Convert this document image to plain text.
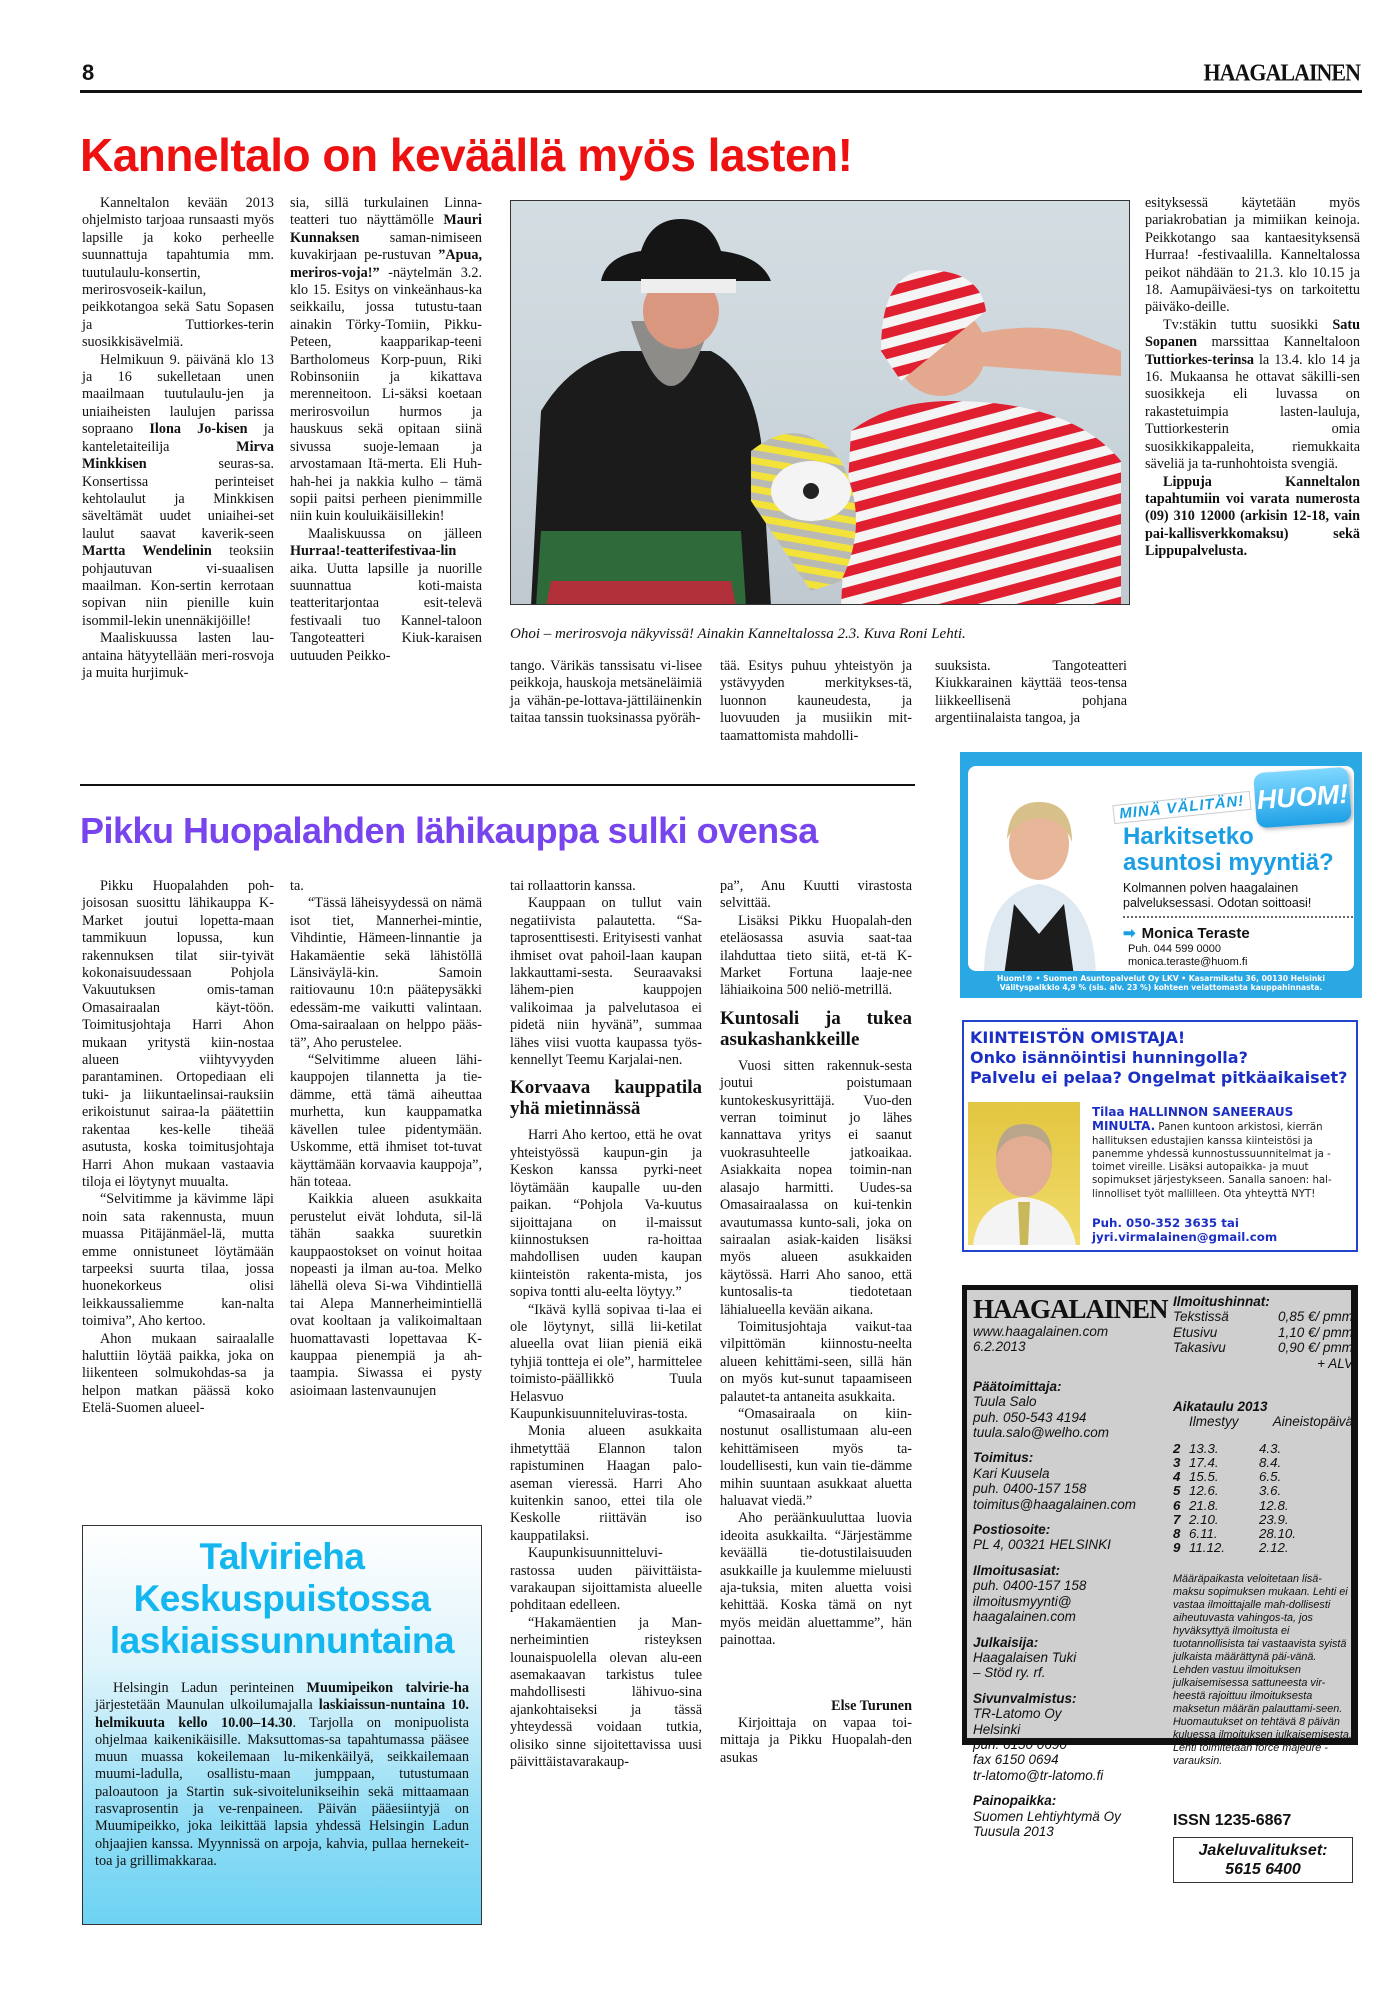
8	HAAGALAINEN
Kanneltalo on keväällä myös lasten!

Kanneltalon kevään 2013 ohjelmisto tarjoaa runsaasti myös lapsille ja koko perheelle suunnattuja tapahtumia mm. tuutulaulu-konsertin, merirosvoseik-kailun, peikkotangoa sekä Satu Sopasen ja Tuttiorkes-terin suosikkisävelmiä.

Helmikuun 9. päivänä klo 13 ja 16 sukelletaan unen maailmaan tuutulaulu-jen ja uniaiheisten laulujen parissa sopraano Ilona Jo-kisen ja kanteletaiteilija Mirva Minkkisen seuras-sa. Konsertissa perinteiset kehtolaulut ja Minkkisen säveltämät uudet uniaihei-set laulut saavat kaverik-seen Martta Wendelinin teoksiin pohjautuvan vi-suaalisen maailman. Kon-sertin kerrotaan sopivan niin pienille kuin isommil-lekin unennäkijöille!

Maaliskuussa lasten lau-antaina hätyytellään meri-rosvoja ja muita hurjimuk-

sia, sillä turkulainen Linna-teatteri tuo näyttämölle Mauri Kunnaksen saman-nimiseen kuvakirjaan pe-rustuvan ”Apua, meriros-voja!” -näytelmän 3.2. klo 15. Esitys on vinkeänhaus-ka seikkailu, jossa tutustu-taan ainakin Törky-Tomiin, Pikku-Peteen, kaapparikap-teeni Bartholomeus Korp-puun, Riki Robinsoniin ja kikattava merenneitoon. Li-säksi koetaan merirosvoilun hurmos ja hauskuus sekä opitaan siinä sivussa suoje-lemaan ja arvostamaan Itä-merta. Eli Huh-hah-hei ja nakkia kulho – tämä sopii paitsi perheen pienimmille niin kuin kouluikäisillekin!

Maaliskuussa on jälleen Hurraa!-teatterifestivaa-lin aika. Uutta lapsille ja nuorille suunnattua koti-maista teatteritarjontaa esit-televä festivaali tuo Kannel-taloon Tangoteatteri Kiuk-karaisen uutuuden Peikko-

Ohoi – merirosvoja näkyvissä! Ainakin Kanneltalossa 2.3. Kuva Roni Lehti.

tango. Värikäs tanssisatu vi-lisee peikkoja, hauskoja metsäneläimiä ja vähän-pe-lottava-jättiläinenkin taitaa tanssin tuoksinassa pyöräh-

tää. Esitys puhuu yhteistyön ja ystävyyden merkitykses-tä, luonnon kauneudesta, ja luovuuden ja musiikin mit-taamattomista mahdolli-

suuksista. Tangoteatteri Kiukkarainen käyttää teos-tensa liikkeellisenä pohjana argentiinalaista tangoa, ja

esityksessä käytetään myös pariakrobatian ja mimiikan keinoja. Peikkotango saa kantaesityksensä Hurraa! -festivaalilla. Kanneltalossa peikot nähdään to 21.3. klo 10.15 ja 18. Aamupäiväesi-tys on tarkoitettu päiväko-deille.

Tv:stäkin tuttu suosikki Satu Sopanen marssittaa Kanneltaloon Tuttiorkes-terinsa la 13.4. klo 14 ja 16. Mukaansa he ottavat säkilli-sen suosikkeja eli luvassa on rakastetuimpia lasten-lauluja, Tuttiorkesterin omia suosikkikappaleita, riemukkaita säveliä ja ta-runhohtoista svengiä.

Lippuja Kanneltalon tapahtumiin voi varata numerosta (09) 310 12000 (arkisin 12-18, vain pai-kallisverkkomaksu) sekä Lippupalvelusta.

Pikku Huopalahden lähikauppa sulki ovensa

Pikku Huopalahden poh-joisosan suosittu lähikauppa K-Market joutui lopetta-maan tammikuun lopussa, kun rakennuksen tilat siir-tyivät kokonaisuudessaan Pohjola Vakuutuksen omis-taman Omasairaalan käyt-töön. Toimitusjohtaja Harri Ahon mukaan yritystä kiin-nostaa alueen viihtyvyyden parantaminen. Ortopediaan eli tuki- ja liikuntaelinsai-rauksiin erikoistunut sairaa-la päätettiin rakentaa kes-kelle tiheää asutusta, koska toimitusjohtaja Harri Ahon mukaan vastaavia tiloja ei löytynyt muualta.

“Selvitimme ja kävimme läpi noin sata rakennusta, muun muassa Pitäjänmäel-lä, mutta emme onnistuneet löytämään tarpeeksi suurta tilaa, jossa huonekorkeus olisi leikkaussaliemme kan-nalta toimiva”, Aho kertoo.

Ahon mukaan sairaalalle haluttiin löytää paikka, joka on liikenteen solmukohdas-sa ja helpon matkan päässä koko Etelä-Suomen alueel-

ta.

“Tässä läheisyydessä on nämä isot tiet, Mannerhei-mintie, Vihdintie, Hämeen-linnantie ja Hakamäentie sekä lähistöllä Länsiväylä-kin. Samoin raitiovaunu 10:n päätepysäkki edessäm-me vaikutti valintaan. Oma-sairaalaan on helppo pääs-tä”, Aho perustelee.

“Selvitimme alueen lähi-kauppojen tilannetta ja tie-dämme, että tämä aiheuttaa murhetta, kun kauppamatka kävellen tulee pidentymään. Uskomme, että ihmiset tot-tuvat käyttämään korvaavia kauppoja”, hän toteaa.

Kaikkia alueen asukkaita perustelut eivät lohduta, sil-lä tähän saakka suuretkin kauppaostokset on voinut hoitaa nopeasti ja ilman au-toa. Melko lähellä oleva Si-wa Vihdintiellä tai Alepa Mannerheimintiellä ovat kooltaan ja valikoimaltaan huomattavasti lopettavaa K-kauppaa pienempiä ja ah-taampia. Siwassa ei pysty asioimaan lastenvaunujen

tai rollaattorin kanssa.

Kauppaan on tullut vain negatiivista palautetta. “Sa-taprosenttisesti. Erityisesti vanhat ihmiset ovat pahoil-laan kaupan lakkauttami-sesta. Seuraavaksi lähem-pien kauppojen valikoimaa ja palvelutasoa ei pidetä niin hyvänä”, summaa lähes viisi vuotta kaupassa työs-kennellyt Teemu Karjalai-nen.

Korvaava kauppatila yhä mietinnässä

Harri Aho kertoo, että he ovat yhteistyössä kaupun-gin ja Keskon kanssa pyrki-neet löytämään kaupalle uu-den paikan. “Pohjola Va-kuutus sijoittajana on il-maissut kiinnostuksen ra-hoittaa mahdollisen uuden kaupan kiinteistön rakenta-mista, jos sopiva tontti alu-eelta löytyy.”

“Ikävä kyllä sopivaa ti-laa ei ole löytynyt, sillä lii-ketilat alueella ovat liian pieniä eikä tyhjiä tontteja ei ole”, harmittelee toimisto-päällikkö Tuula Helasvuo Kaupunkisuunniteluviras-tosta.

Monia alueen asukkaita ihmetyttää Elannon talon rapistuminen Haagan palo-aseman vieressä. Harri Aho kuitenkin sanoo, ettei tila ole Keskolle riittävän iso kauppatilaksi.

Kaupunkisuunnitteluvi-rastossa uuden päivittäista-varakaupan sijoittamista alueelle pohditaan edelleen.

“Hakamäentien ja Man-nerheimintien risteyksen lounaispuolella olevan alu-een asemakaavan tarkistus tulee mahdollisesti lähivuo-sina ajankohtaiseksi ja tässä yhteydessä voidaan tutkia, olisiko sinne sijoitettavissa uusi päivittäistavarakaup-

pa”, Anu Kuutti virastosta selvittää.

Lisäksi Pikku Huopalah-den eteläosassa asuvia saat-taa ilahduttaa tieto siitä, et-tä K-Market Fortuna laaje-nee lähiaikoina 500 neliö-metrillä.

Kuntosali ja tukea asukashankkeille

Vuosi sitten rakennuk-sesta joutui poistumaan kuntokeskusyrittäjä. Vuo-den verran toiminut jo lähes kannattava yritys ei saanut vuokrasuhteelle jatkoaikaa. Asiakkaita nopea toimin-nan alasajo harmitti. Uudes-sa Omasairaalassa on kui-tenkin avautumassa kunto-sali, joka on sairaalan asiak-kaiden lisäksi myös alueen asukkaiden käytössä. Harri Aho sanoo, että kuntosalis-ta tiedotetaan lähialueella kevään aikana.

Toimitusjohtaja vaikut-taa vilpittömän kiinnostu-neelta alueen kehittämi-seen, sillä hän on myös kut-sunut tapaamiseen palautet-ta antaneita asukkaita.

“Omasairaala on kiin-nostunut osallistumaan alu-een kehittämiseen myös ta-loudellisesti, kun vain tie-dämme mihin suuntaan asukkaat aluetta haluavat viedä.”

Aho peräänkuuluttaa luovia ideoita asukkailta. “Järjestämme keväällä tie-dotustilaisuuden asukkaille ja kuulemme mieluusti aja-tuksia, miten aluetta voisi kehittää. Koska tämä on nyt myös meidän aluettamme”, hän painottaa.

Else Turunen

Kirjoittaja on vapaa toi-mittaja ja Pikku Huopalah-den asukas

Talvirieha Keskuspuistossa laskiaissunnuntaina

Helsingin Ladun perinteinen Muumipeikon talvirie-ha järjestetään Maunulan ulkoilumajalla laskiaissun-nuntaina 10. helmikuuta kello 10.00–14.30. Tarjolla on monipuolista ohjelmaa kaikenikäisille. Maksuttomas-sa tapahtumassa pääsee muun muassa kokeilemaan lu-mikenkäilyä, seikkailemaan muumi-ladulla, osallistu-maan jumppaan, tutustumaan paloautoon ja Startin suk-sivoitelunikseihin sekä mittaamaan rasvaprosentin ja ve-renpaineen. Päivän pääesiintyjä on Muumipeikko, joka leikittää lapsia yhdessä Helsingin Ladun ohjaajien kanssa. Myynnissä on arpoja, kahvia, pullaa hernekeit-toa ja grillimakkaraa.

MINÄ VÄLITÄN! HUOM!
Harkitsetko
asuntosi myyntiä?
Kolmannen polven haagalainen
palveluksessasi. Odotan soittoasi!
➡ Monica Teraste
Puh. 044 599 0000
monica.teraste@huom.fi
Huom!® • Suomen Asuntopalvelut Oy LKV • Kasarmikatu 36, 00130 Helsinki
Välityspalkkio 4,9 % (sis. alv. 23 %) kohteen velattomasta kauppahinnasta.
KIINTEISTÖN OMISTAJA!
Onko isännöintisi hunningolla?
Palvelu ei pelaa? Ongelmat pitkäaikaiset?
Tilaa HALLINNON SANEERAUS MINULTA. Panen kuntoon arkistosi, kierrän hallituksen edustajien kanssa kiinteistösi ja panemme yhdessä kunnostussuunnitelmat ja -toimet vireille. Lisäksi autopaikka- ja muut sopimukset järjestykseen. Sanalla sanoen: hal-linnolliset työt mallilleen. Ota yhteyttä NYT!
Puh. 050-352 3635 tai
jyri.virmalainen@gmail.com
HAAGALAINEN
www.haagalainen.com
6.2.2013
Päätoimittaja:
Tuula Salo
puh. 050-543 4194
tuula.salo@welho.com
Toimitus:
Kari Kuusela
puh. 0400-157 158
toimitus@haagalainen.com
Postiosoite:
PL 4, 00321 HELSINKI
Ilmoitusasiat:
puh. 0400-157 158
ilmoitusmyynti@
haagalainen.com
Julkaisija:
Haagalaisen Tuki
– Stöd ry. rf.
Sivunvalmistus:
TR-Latomo Oy
Helsinki
puh. 6150 0690
fax 6150 0694
tr-latomo@tr-latomo.fi
Painopaikka:
Suomen Lehtiyhtymä Oy
Tuusula 2013
Ilmoitushinnat:
Tekstissä	0,85 €/ pmm
Etusivu	1,10 €/ pmm
Takasivu	0,90 €/ pmm
+ ALV
Aikataulu 2013
Ilmestyy	Aineistopäivä
2	13.3.	4.3.
3	17.4.	8.4.
4	15.5.	6.5.
5	12.6.	3.6.
6	21.8.	12.8.
7	2.10.	23.9.
8	6.11.	28.10.
9	11.12.	2.12.
Määräpaikasta veloitetaan lisä-maksu sopimuksen mukaan. Lehti ei vastaa ilmoittajalle mah-dollisesti aiheutuvasta vahingos-ta, jos hyväksyttyä ilmoitusta ei tuotannollisista tai vastaavista syistä julkaista määrättynä päi-vänä. Lehden vastuu ilmoituksen julkaisemisessa sattuneesta vir-heestä rajoittuu ilmoituksesta maksetun määrän palauttami-seen. Huomautukset on tehtävä 8 päivän kuluessa ilmoituksen julkaisemisesta. Lehti toimitetaan force majeure -varauksin.
ISSN 1235-6867
Jakeluvalitukset:
5615 6400
